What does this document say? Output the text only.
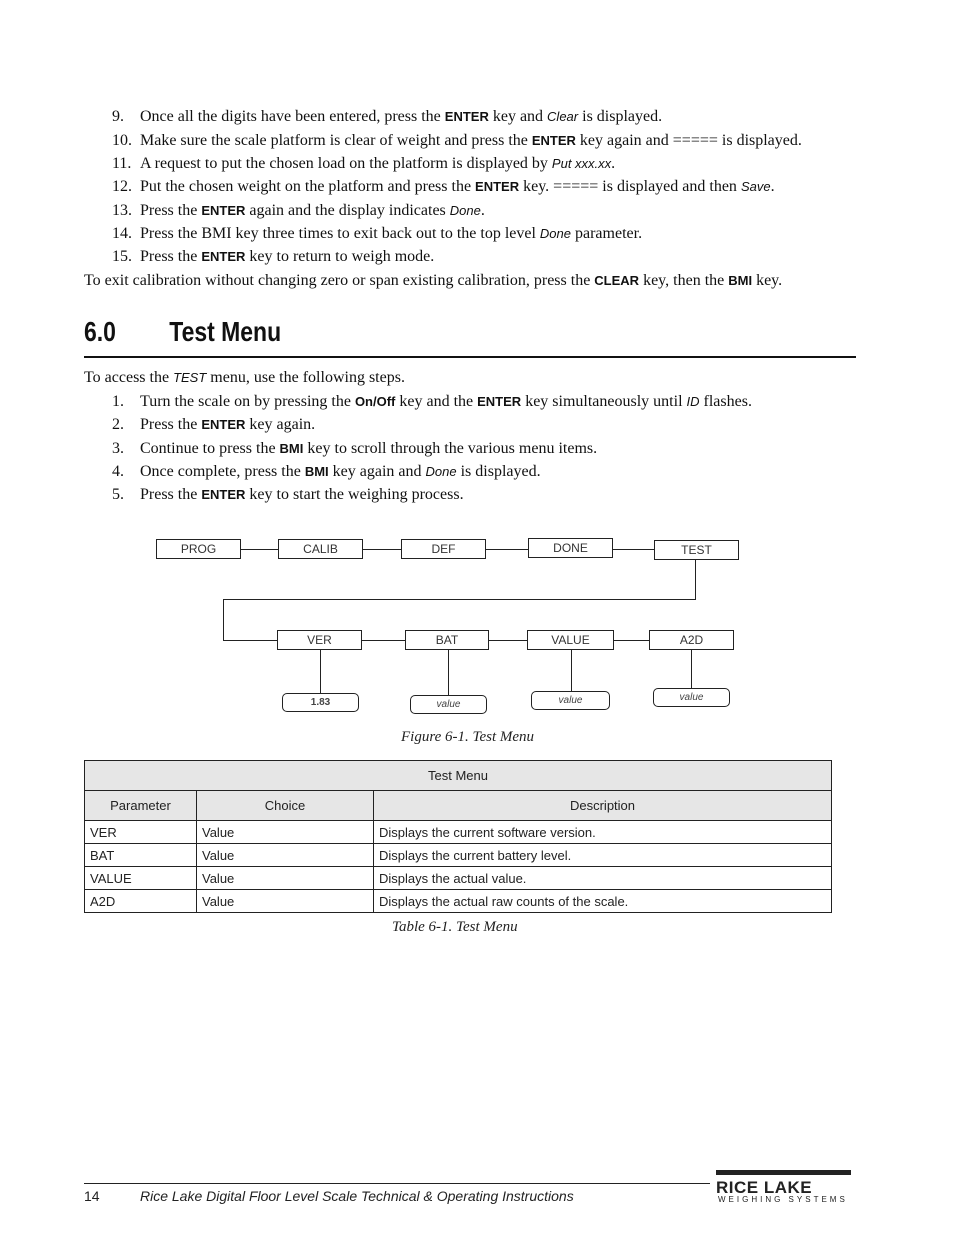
9.	Once all the digits have been entered, press the ENTER key and Clear is displayed.
10. Make sure the scale platform is clear of weight and press the ENTER key again and ===== is displayed.
11. A request to put the chosen load on the platform is displayed by Put xxx.xx.
12. Put the chosen weight on the platform and press the ENTER key. ===== is displayed and then Save.
13. Press the ENTER again and the display indicates Done.
14. Press the BMI key three times to exit back out to the top level Done parameter.
15. Press the ENTER key to return to weigh mode.
To exit calibration without changing zero or span existing calibration, press the CLEAR key, then the BMI key.
6.0 Test Menu
To access the TEST menu, use the following steps.
1.	Turn the scale on by pressing the On/Off key and the ENTER key simultaneously until ID flashes.
2.	Press the ENTER key again.
3.	Continue to press the BMI key to scroll through the various menu items.
4.	Once complete, press the BMI key again and Done is displayed.
5.	Press the ENTER key to start the weighing process.
PROG	CALIB	DEF	DONE	TEST
VER	BAT	VALUE	A2D
1.83	value	value	value
Figure 6-1. Test Menu
Test Menu		
Parameter	Choice	Description
VER	Value	Displays the current software version.
BAT	Value	Displays the current battery level.
VALUE	Value	Displays the actual value.
A2D	Value	Displays the actual raw counts of the scale.
Table 6-1. Test Menu
14	Rice Lake Digital Floor Level Scale Technical & Operating Instructions	RICE LAKE
WEIGHING SYSTEMS
